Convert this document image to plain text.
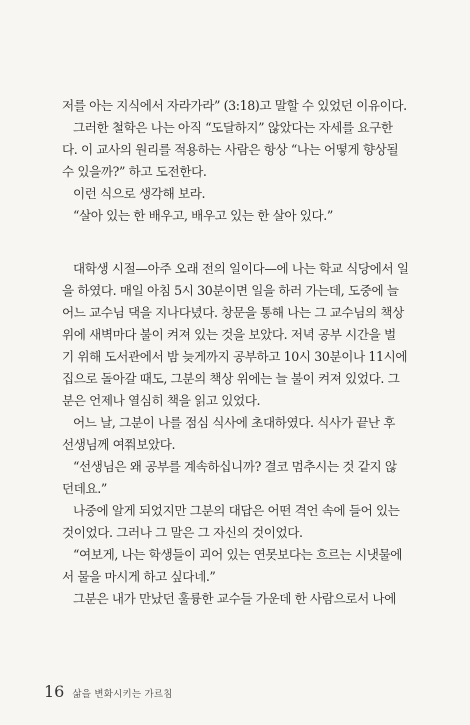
저를 아는 지식에서 자라가라” (3:18)고 말할 수 있었던 이유이다.
그러한 철학은 나는 아직 “도달하지” 않았다는 자세를 요구한
다. 이 교사의 원리를 적용하는 사람은 항상 “나는 어떻게 향상될
수 있을까?” 하고 도전한다.
이런 식으로 생각해 보라.
“살아 있는 한 배우고, 배우고 있는 한 살아 있다.”
대학생 시절—아주 오래 전의 일이다—에 나는 학교 식당에서 일
을 하였다. 매일 아침 5시 30분이면 일을 하러 가는데, 도중에 늘
어느 교수님 댁을 지나다녔다. 창문을 통해 나는 그 교수님의 책상
위에 새벽마다 불이 켜져 있는 것을 보았다. 저녁 공부 시간을 벌
기 위해 도서관에서 밤 늦게까지 공부하고 10시 30분이나 11시에
집으로 돌아갈 때도, 그분의 책상 위에는 늘 불이 켜져 있었다. 그
분은 언제나 열심히 책을 읽고 있었다.
어느 날, 그분이 나를 점심 식사에 초대하였다. 식사가 끝난 후
선생님께 여쭤보았다.
“선생님은 왜 공부를 계속하십니까? 결코 멈추시는 것 같지 않
던데요.”
나중에 알게 되었지만 그분의 대답은 어떤 격언 속에 들어 있는
것이었다. 그러나 그 말은 그 자신의 것이었다.
“여보게, 나는 학생들이 괴어 있는 연못보다는 흐르는 시냇물에
서 물을 마시게 하고 싶다네.”
그분은 내가 만났던 훌륭한 교수들 가운데 한 사람으로서 나에
16 삶을 변화시키는 가르침
